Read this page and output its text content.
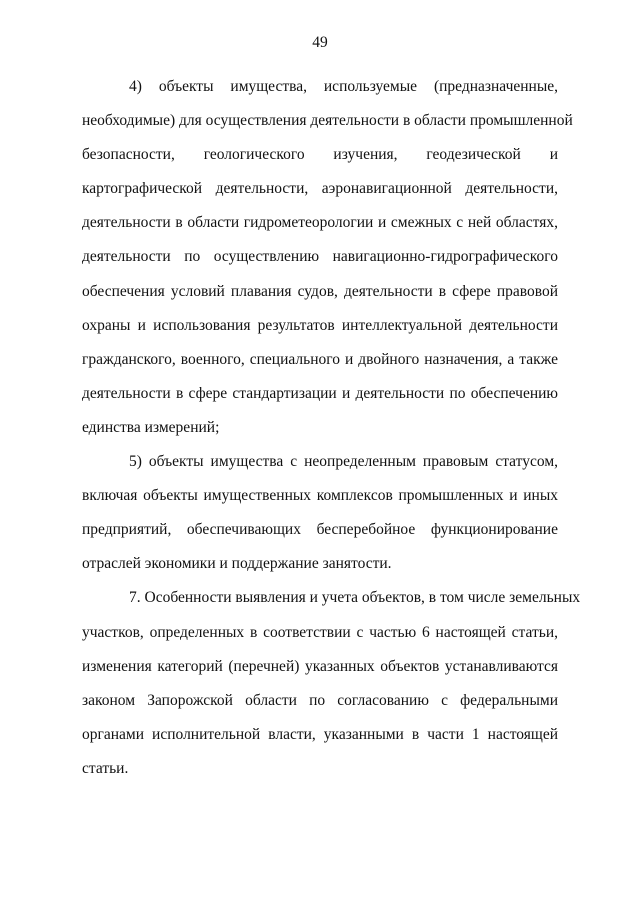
49
4) объекты имущества, используемые (предназначенные,
необходимые) для осуществления деятельности в области промышленной
безопасности, геологического изучения, геодезической и
картографической деятельности, аэронавигационной деятельности,
деятельности в области гидрометеорологии и смежных с ней областях,
деятельности по осуществлению навигационно-гидрографического
обеспечения условий плавания судов, деятельности в сфере правовой
охраны и использования результатов интеллектуальной деятельности
гражданского, военного, специального и двойного назначения, а также
деятельности в сфере стандартизации и деятельности по обеспечению
единства измерений;
5) объекты имущества с неопределенным правовым статусом,
включая объекты имущественных комплексов промышленных и иных
предприятий, обеспечивающих бесперебойное функционирование
отраслей экономики и поддержание занятости.
7. Особенности выявления и учета объектов, в том числе земельных
участков, определенных в соответствии с частью 6 настоящей статьи,
изменения категорий (перечней) указанных объектов устанавливаются
законом Запорожской области по согласованию с федеральными
органами исполнительной власти, указанными в части 1 настоящей
статьи.
